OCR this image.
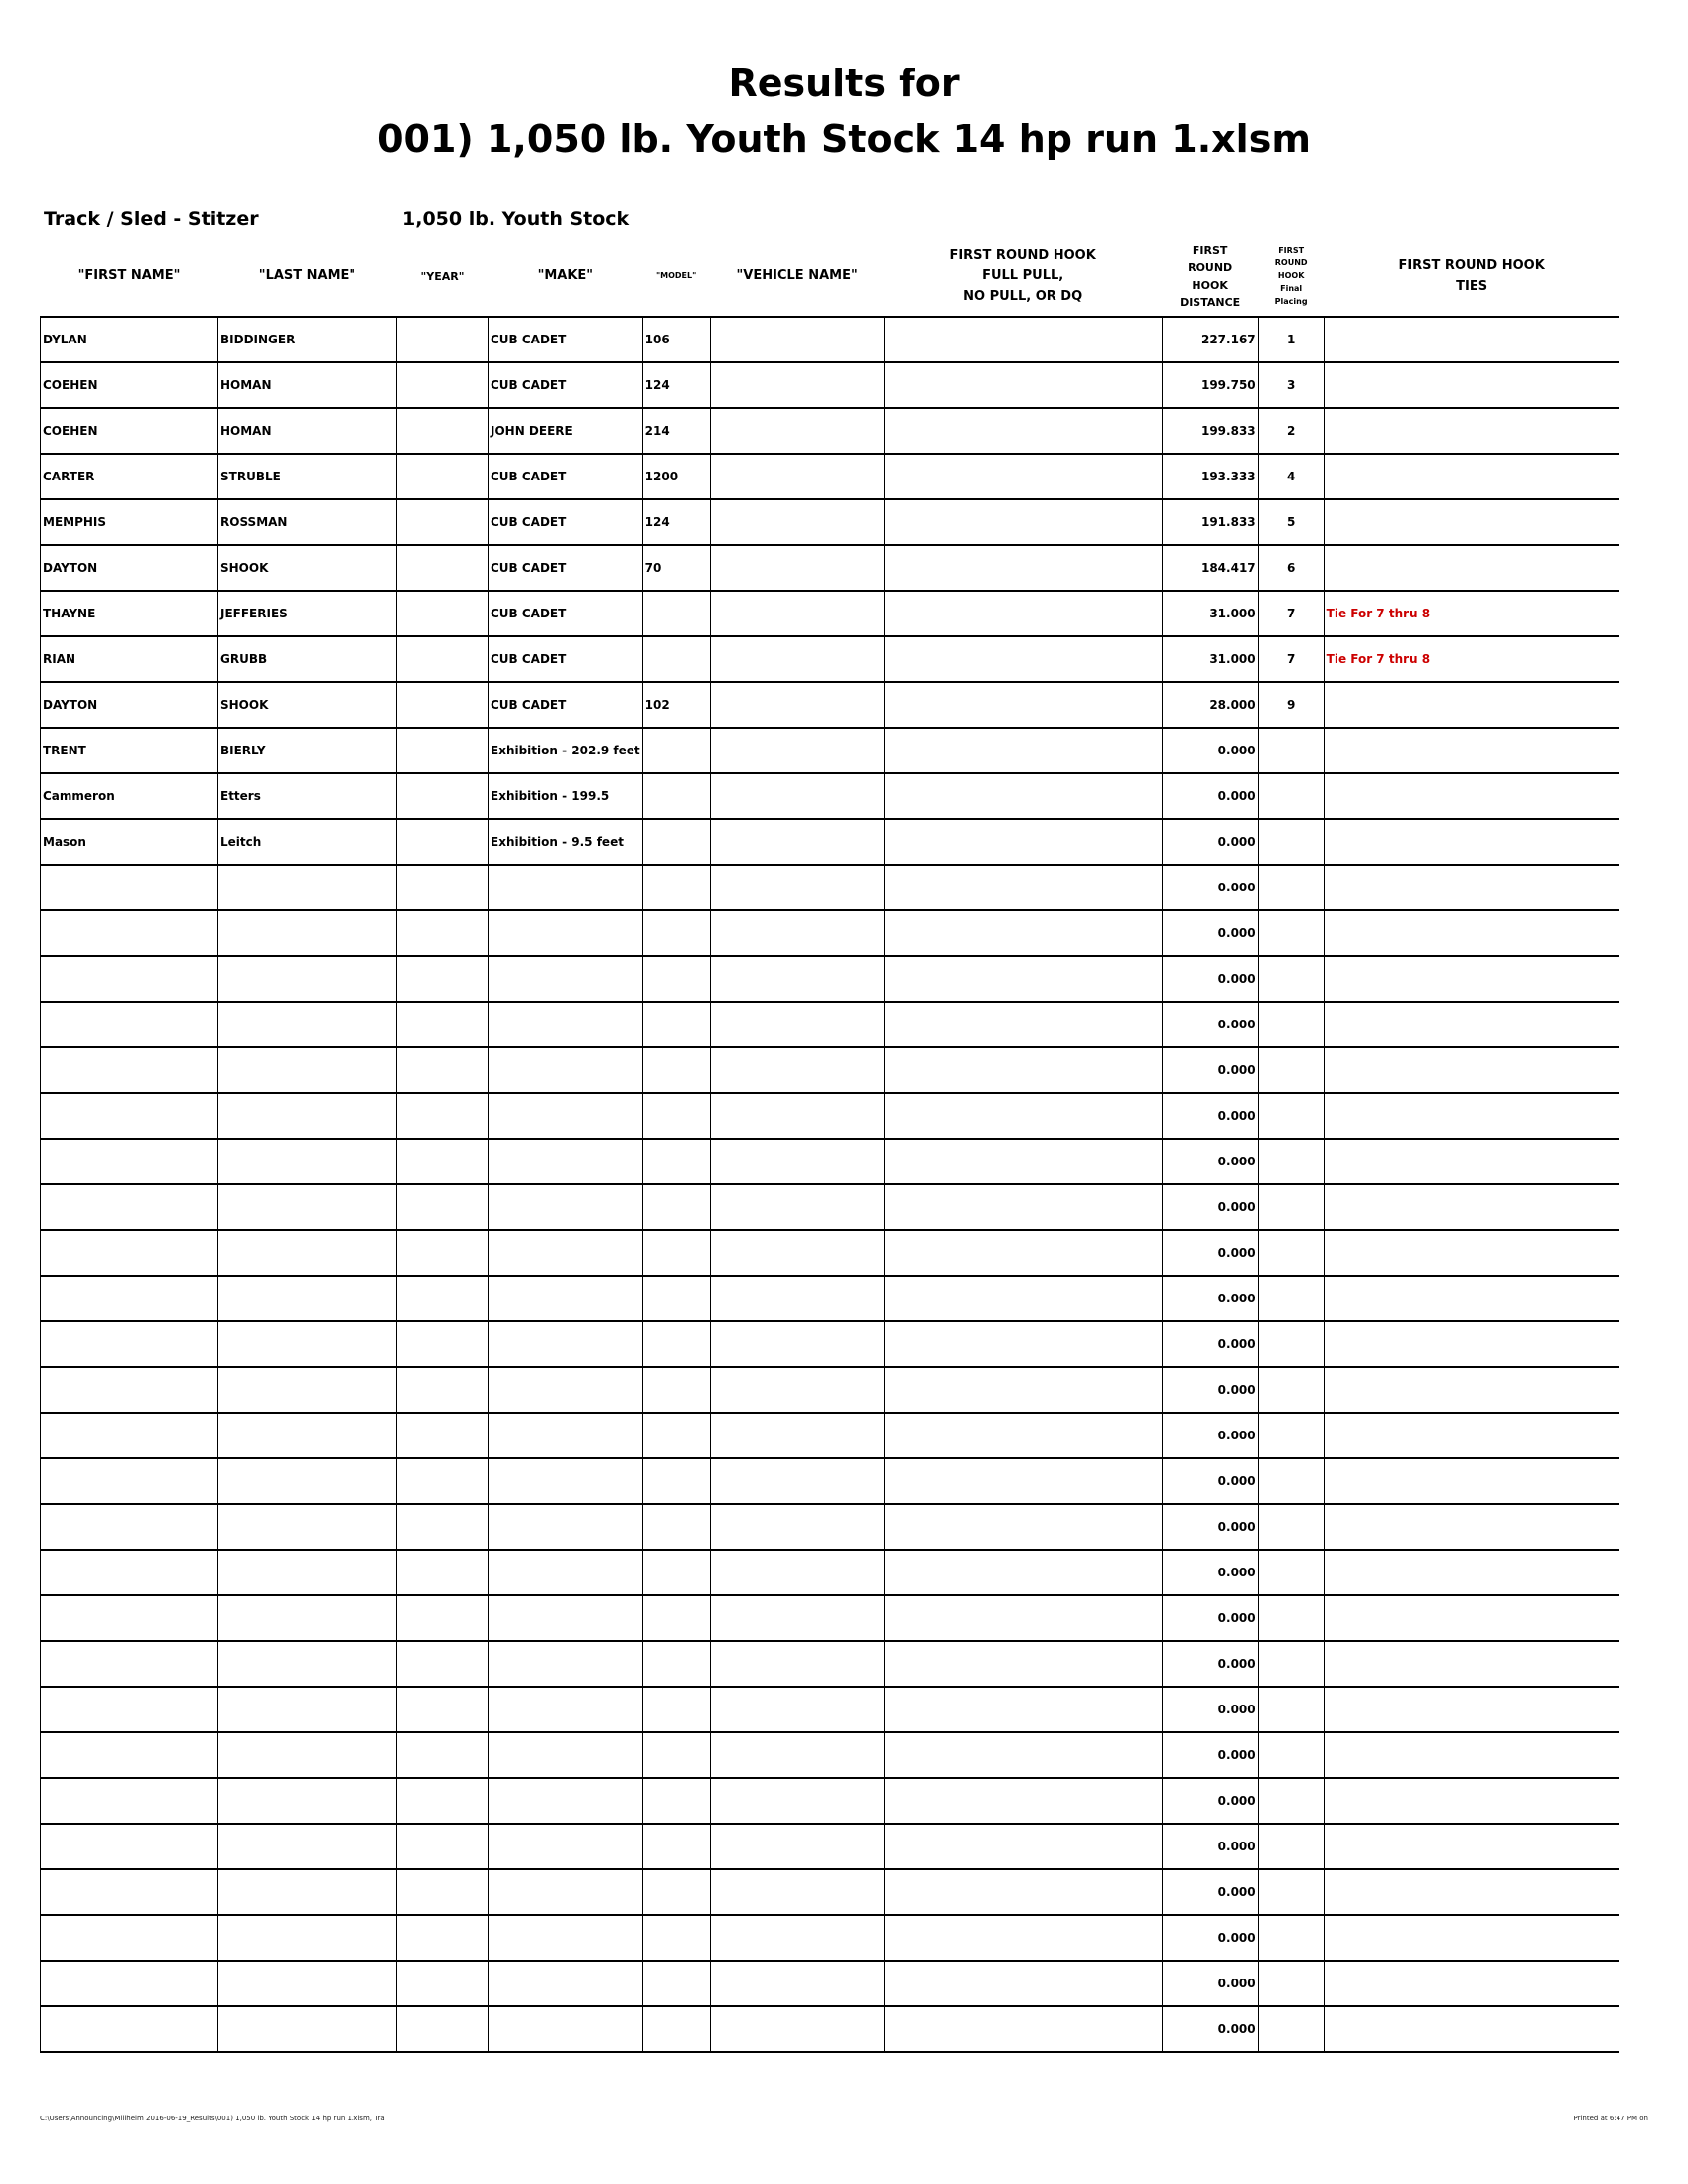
Results for
001) 1,050 lb. Youth Stock 14 hp run 1.xlsm
Track / Sled - Stitzer	1,050 lb. Youth Stock
"FIRST NAME"	"LAST NAME"	"YEAR"	"MAKE"	"MODEL"	"VEHICLE NAME"	FIRST ROUND HOOK
FULL PULL,
NO PULL, OR DQ	FIRST
ROUND
HOOK
DISTANCE	FIRST
ROUND
HOOK
Final
Placing	FIRST ROUND HOOK
TIES
DYLAN	BIDDINGER		CUB CADET	106			227.167	1	
COEHEN	HOMAN		CUB CADET	124			199.750	3	
COEHEN	HOMAN		JOHN DEERE	214			199.833	2	
CARTER	STRUBLE		CUB CADET	1200			193.333	4	
MEMPHIS	ROSSMAN		CUB CADET	124			191.833	5	
DAYTON	SHOOK		CUB CADET	70			184.417	6	
THAYNE	JEFFERIES		CUB CADET				31.000	7	Tie For 7 thru 8
RIAN	GRUBB		CUB CADET				31.000	7	Tie For 7 thru 8
DAYTON	SHOOK		CUB CADET	102			28.000	9	
TRENT	BIERLY		Exhibition - 202.9 feet				0.000		
Cammeron	Etters		Exhibition - 199.5				0.000		
Mason	Leitch		Exhibition - 9.5 feet				0.000		
							0.000		
							0.000		
							0.000		
							0.000		
							0.000		
							0.000		
							0.000		
							0.000		
							0.000		
							0.000		
							0.000		
							0.000		
							0.000		
							0.000		
							0.000		
							0.000		
							0.000		
							0.000		
							0.000		
							0.000		
							0.000		
							0.000		
							0.000		
							0.000		
							0.000		
							0.000		
C:\Users\Announcing\Millheim 2016-06-19_Results\001) 1,050 lb. Youth Stock 14 hp run 1.xlsm, Tra	Printed at 6:47 PM on
